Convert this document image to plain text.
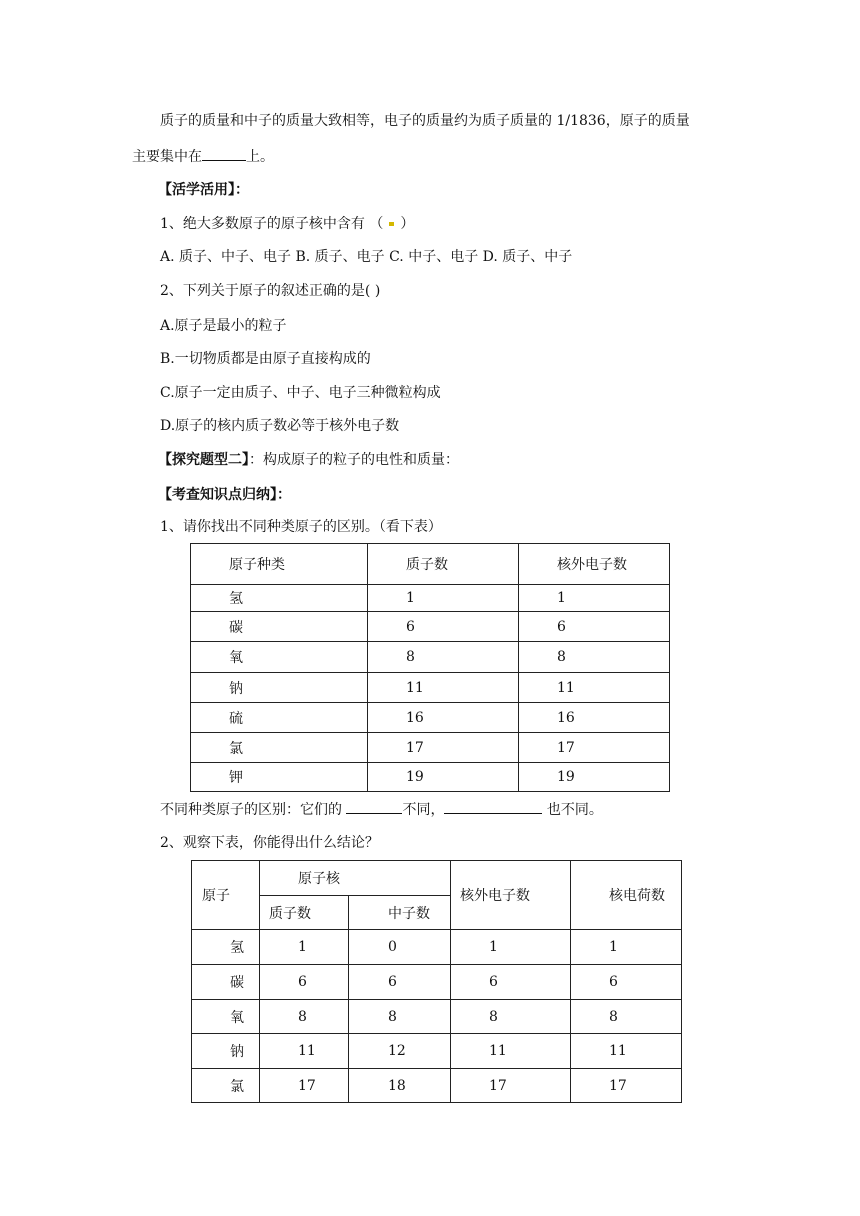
质子的质量和中子的质量大致相等，电子的质量约为质子质量的 1/1836，原子的质量
主要集中在	上。
【活学活用】：
1、绝大多数原子的原子核中含有 （ ）
A. 质子、中子、电子 B. 质子、电子 C. 中子、电子 D. 质子、中子
2、下列关于原子的叙述正确的是( )
A.原子是最小的粒子
B.一切物质都是由原子直接构成的
C.原子一定由质子、中子、电子三种微粒构成
D.原子的核内质子数必等于核外电子数
【探究题型二】：构成原子的粒子的电性和质量：
【考查知识点归纳】：
1、请你找出不同种类原子的区别。（看下表）
原子种类	质子数	核外电子数
氢	1	1
碳	6	6
氧	8	8
钠	11	11
硫	16	16
氯	17	17
钾	19	19
不同种类原子的区别：它们的	不同，	也不同。
2、观察下表，你能得出什么结论？
原子	原子核		核外电子数	核电荷数
	质子数	中子数		
氢	1	0	1	1
碳	6	6	6	6
氧	8	8	8	8
钠	11	12	11	11
氯	17	18	17	17
